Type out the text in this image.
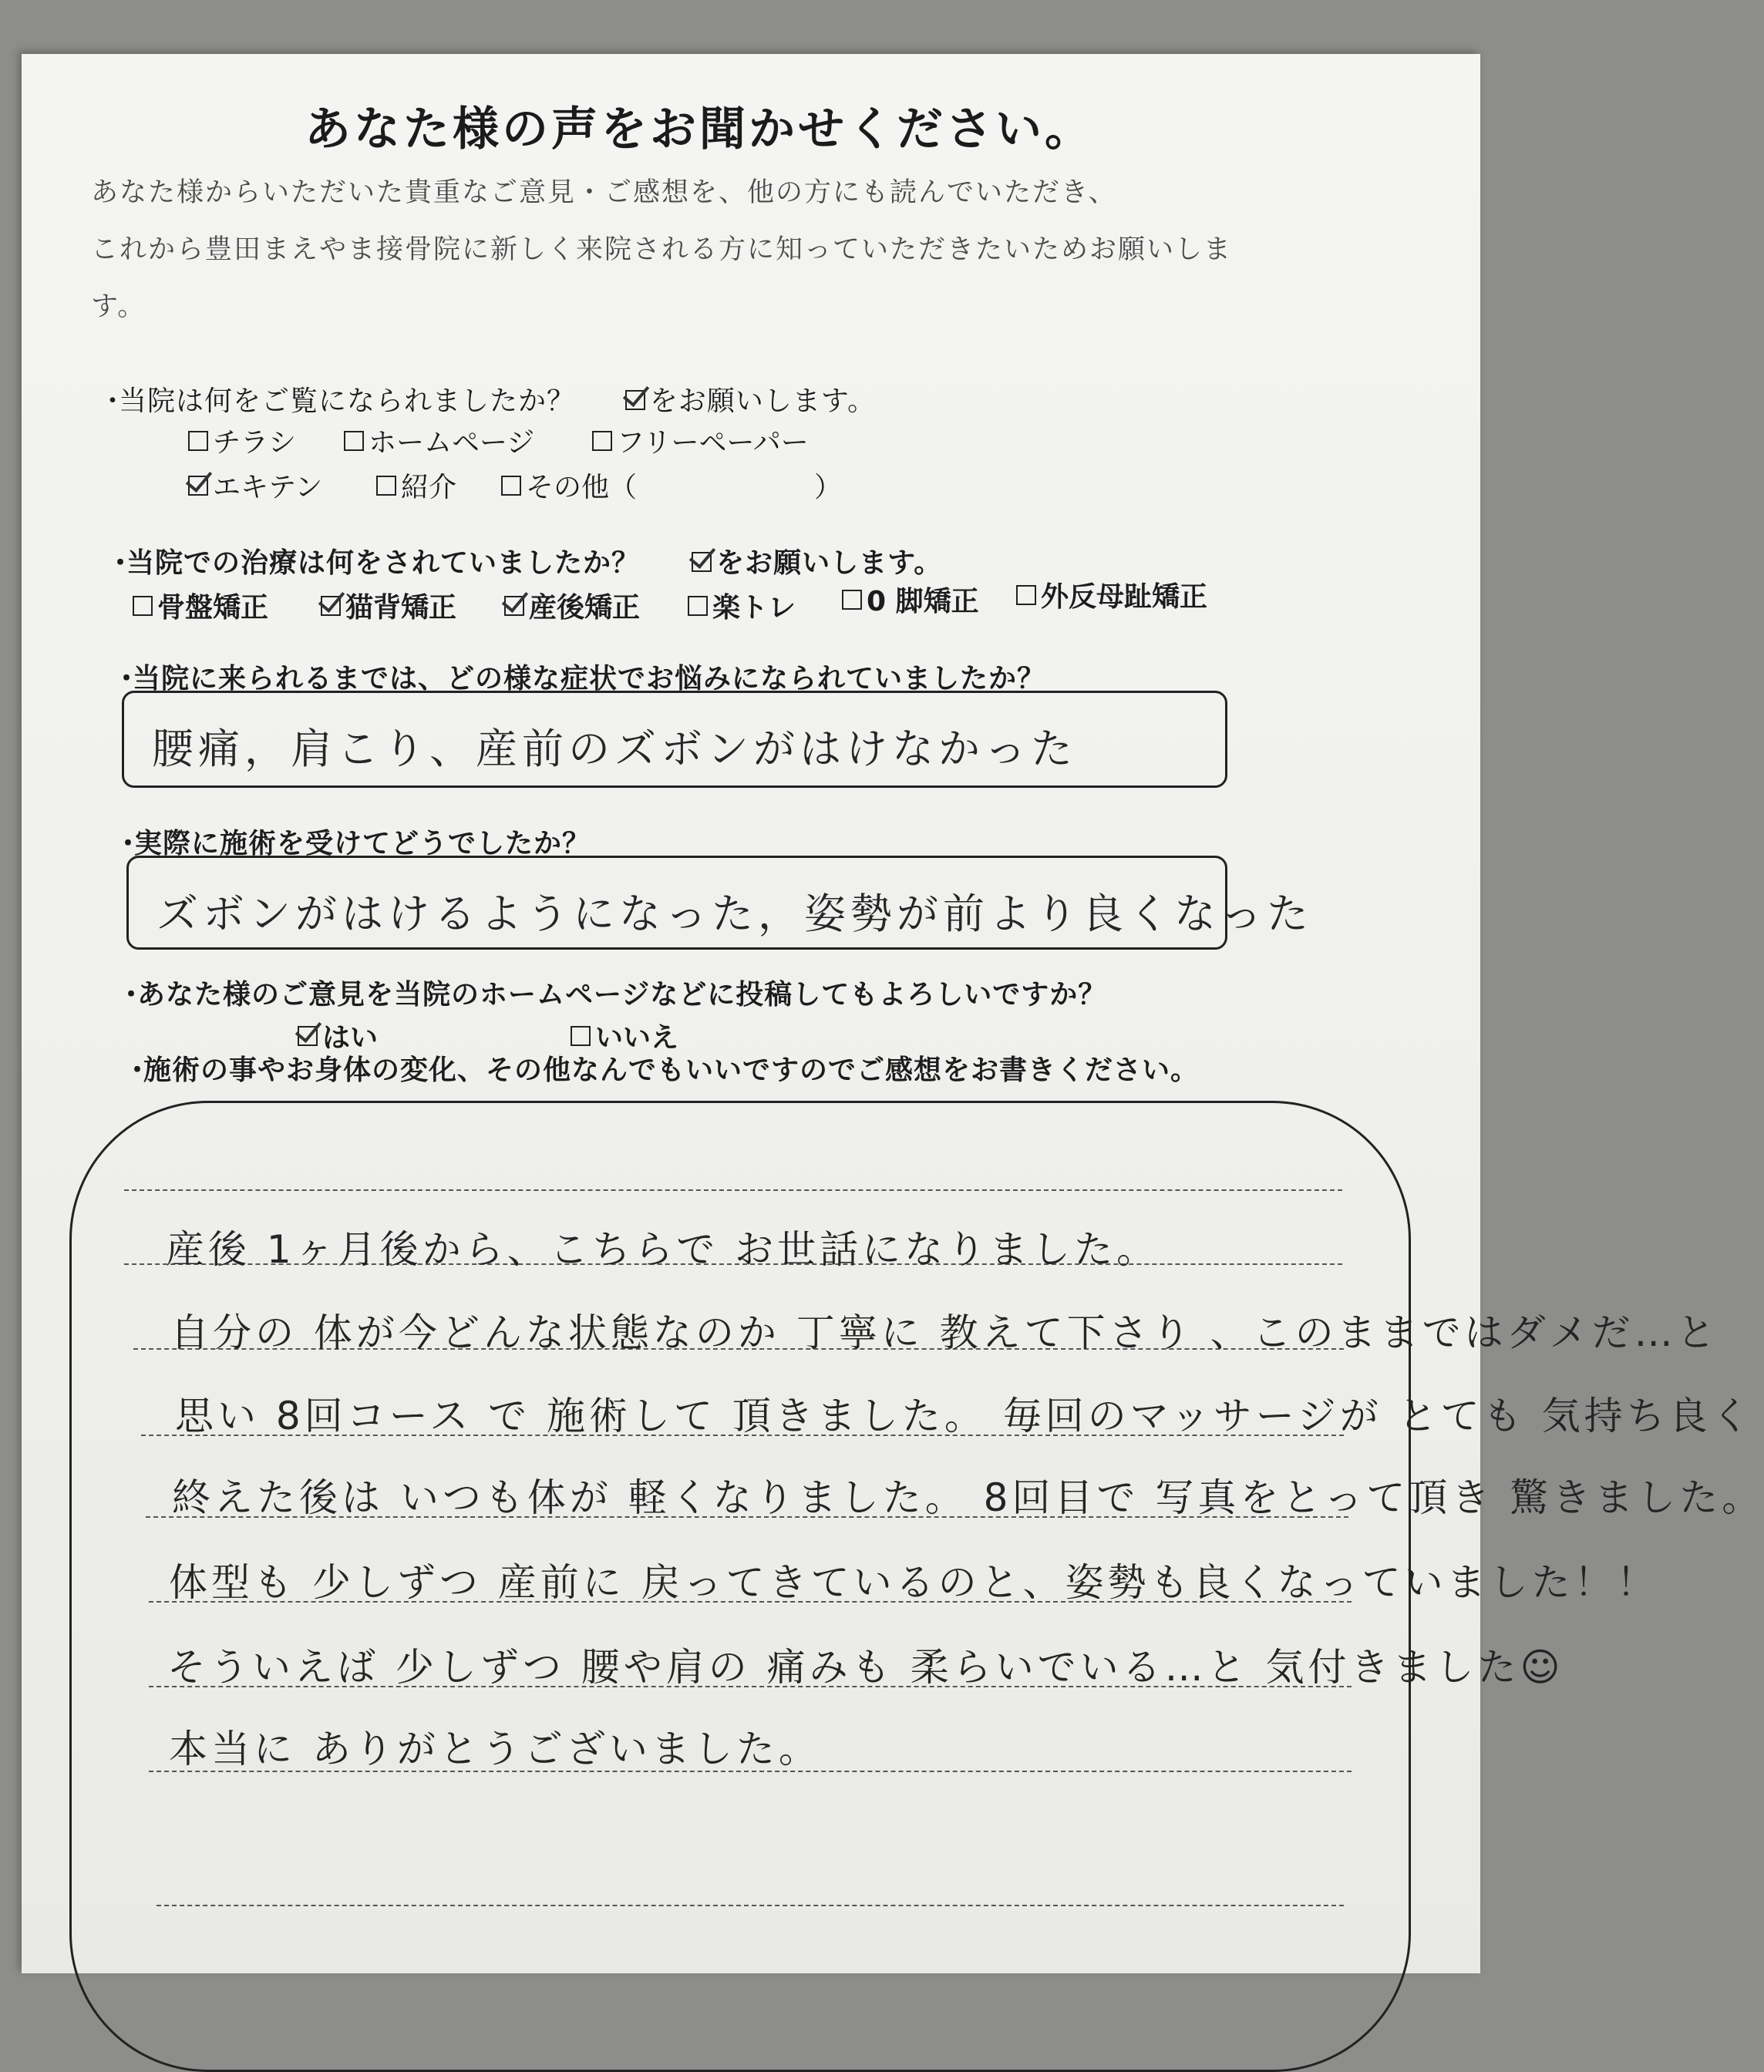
あなた様の声をお聞かせください。
あなた様からいただいた貴重なご意見・ご感想を、他の方にも読んでいただき、
これから豊田まえやま接骨院に新しく来院される方に知っていただきたいためお願いしま
す。
・当院は何をご覧になられましたか？	をお願いします。
チラシ	ホームページ	フリーペーパー
エキテン	紹介 その他（	）
・当院での治療は何をされていましたか？	をお願いします。
骨盤矯正	猫背矯正	産後矯正	楽トレ	0 脚矯正 外反母趾矯正
・当院に来られるまでは、どの様な症状でお悩みになられていましたか？
腰痛，肩こり、産前のズボンがはけなかった
・実際に施術を受けてどうでしたか？
ズボンがはけるようになった，姿勢が前より良くなった
・あなた様のご意見を当院のホームページなどに投稿してもよろしいですか？
はい	いいえ
・施術の事やお身体の変化、その他なんでもいいですのでご感想をお書きください。
産後 1ヶ月後から、こちらで お世話になりました。
自分の 体が今どんな状態なのか 丁寧に 教えて下さり 、このままではダメだ…と
思い 8回コース で 施術して 頂きました。 毎回のマッサージが とても 気持ち良く
終えた後は いつも体が 軽くなりました。 8回目で 写真をとって頂き 驚きました。
体型も 少しずつ 産前に 戻ってきているのと、姿勢も良くなっていました！！
そういえば 少しずつ 腰や肩の 痛みも 柔らいでいる…と 気付きました☺
本当に ありがとうございました。
